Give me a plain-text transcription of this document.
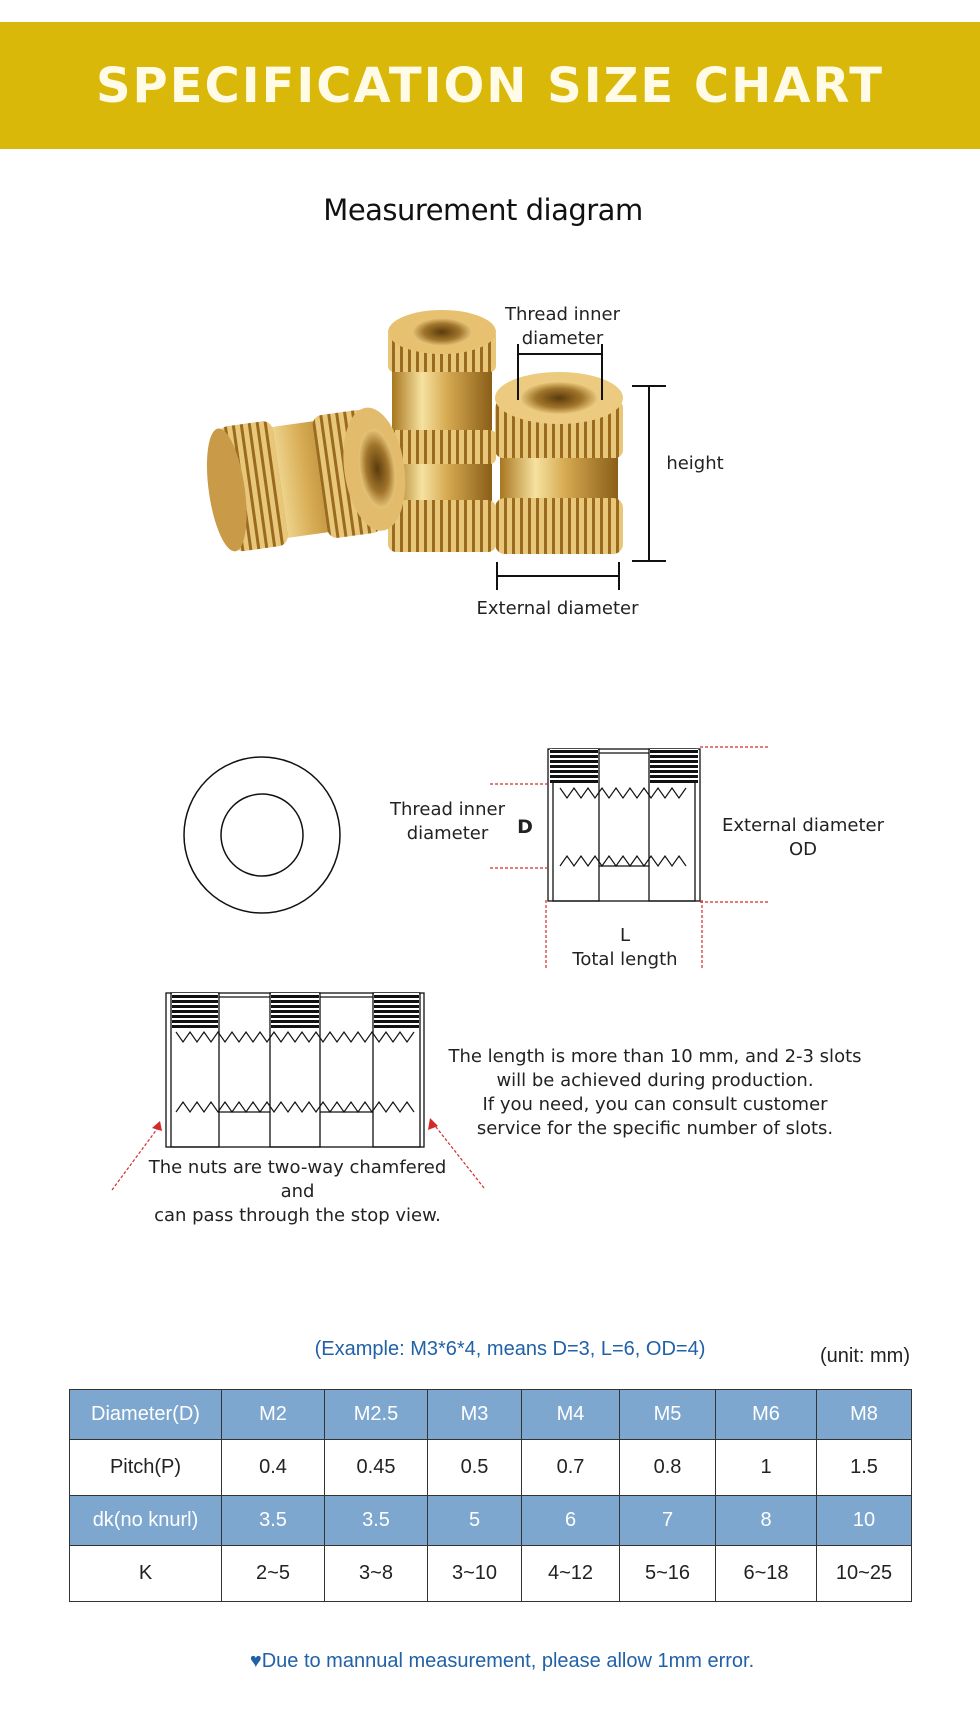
SPECIFICATION SIZE CHART
Measurement diagram
Thread inner
diameter
height
External diameter
Thread inner
diameter	D	External diameter
OD
L
Total length
The length is more than 10 mm, and 2-3 slots
will be achieved during production.
If you need, you can consult customer
service for the specific number of slots.
The nuts are two-way chamfered and
can pass through the stop view.
(Example: M3*6*4, means D=3, L=6, OD=4)	(unit: mm)
Diameter(D)	M2	M2.5	M3	M4	M5	M6	M8
Pitch(P)	0.4	0.45	0.5	0.7	0.8	1	1.5
dk(no knurl)	3.5	3.5	5	6	7	8	10
K	2~5	3~8	3~10	4~12	5~16	6~18	10~25
♥Due to mannual measurement, please allow 1mm error.
